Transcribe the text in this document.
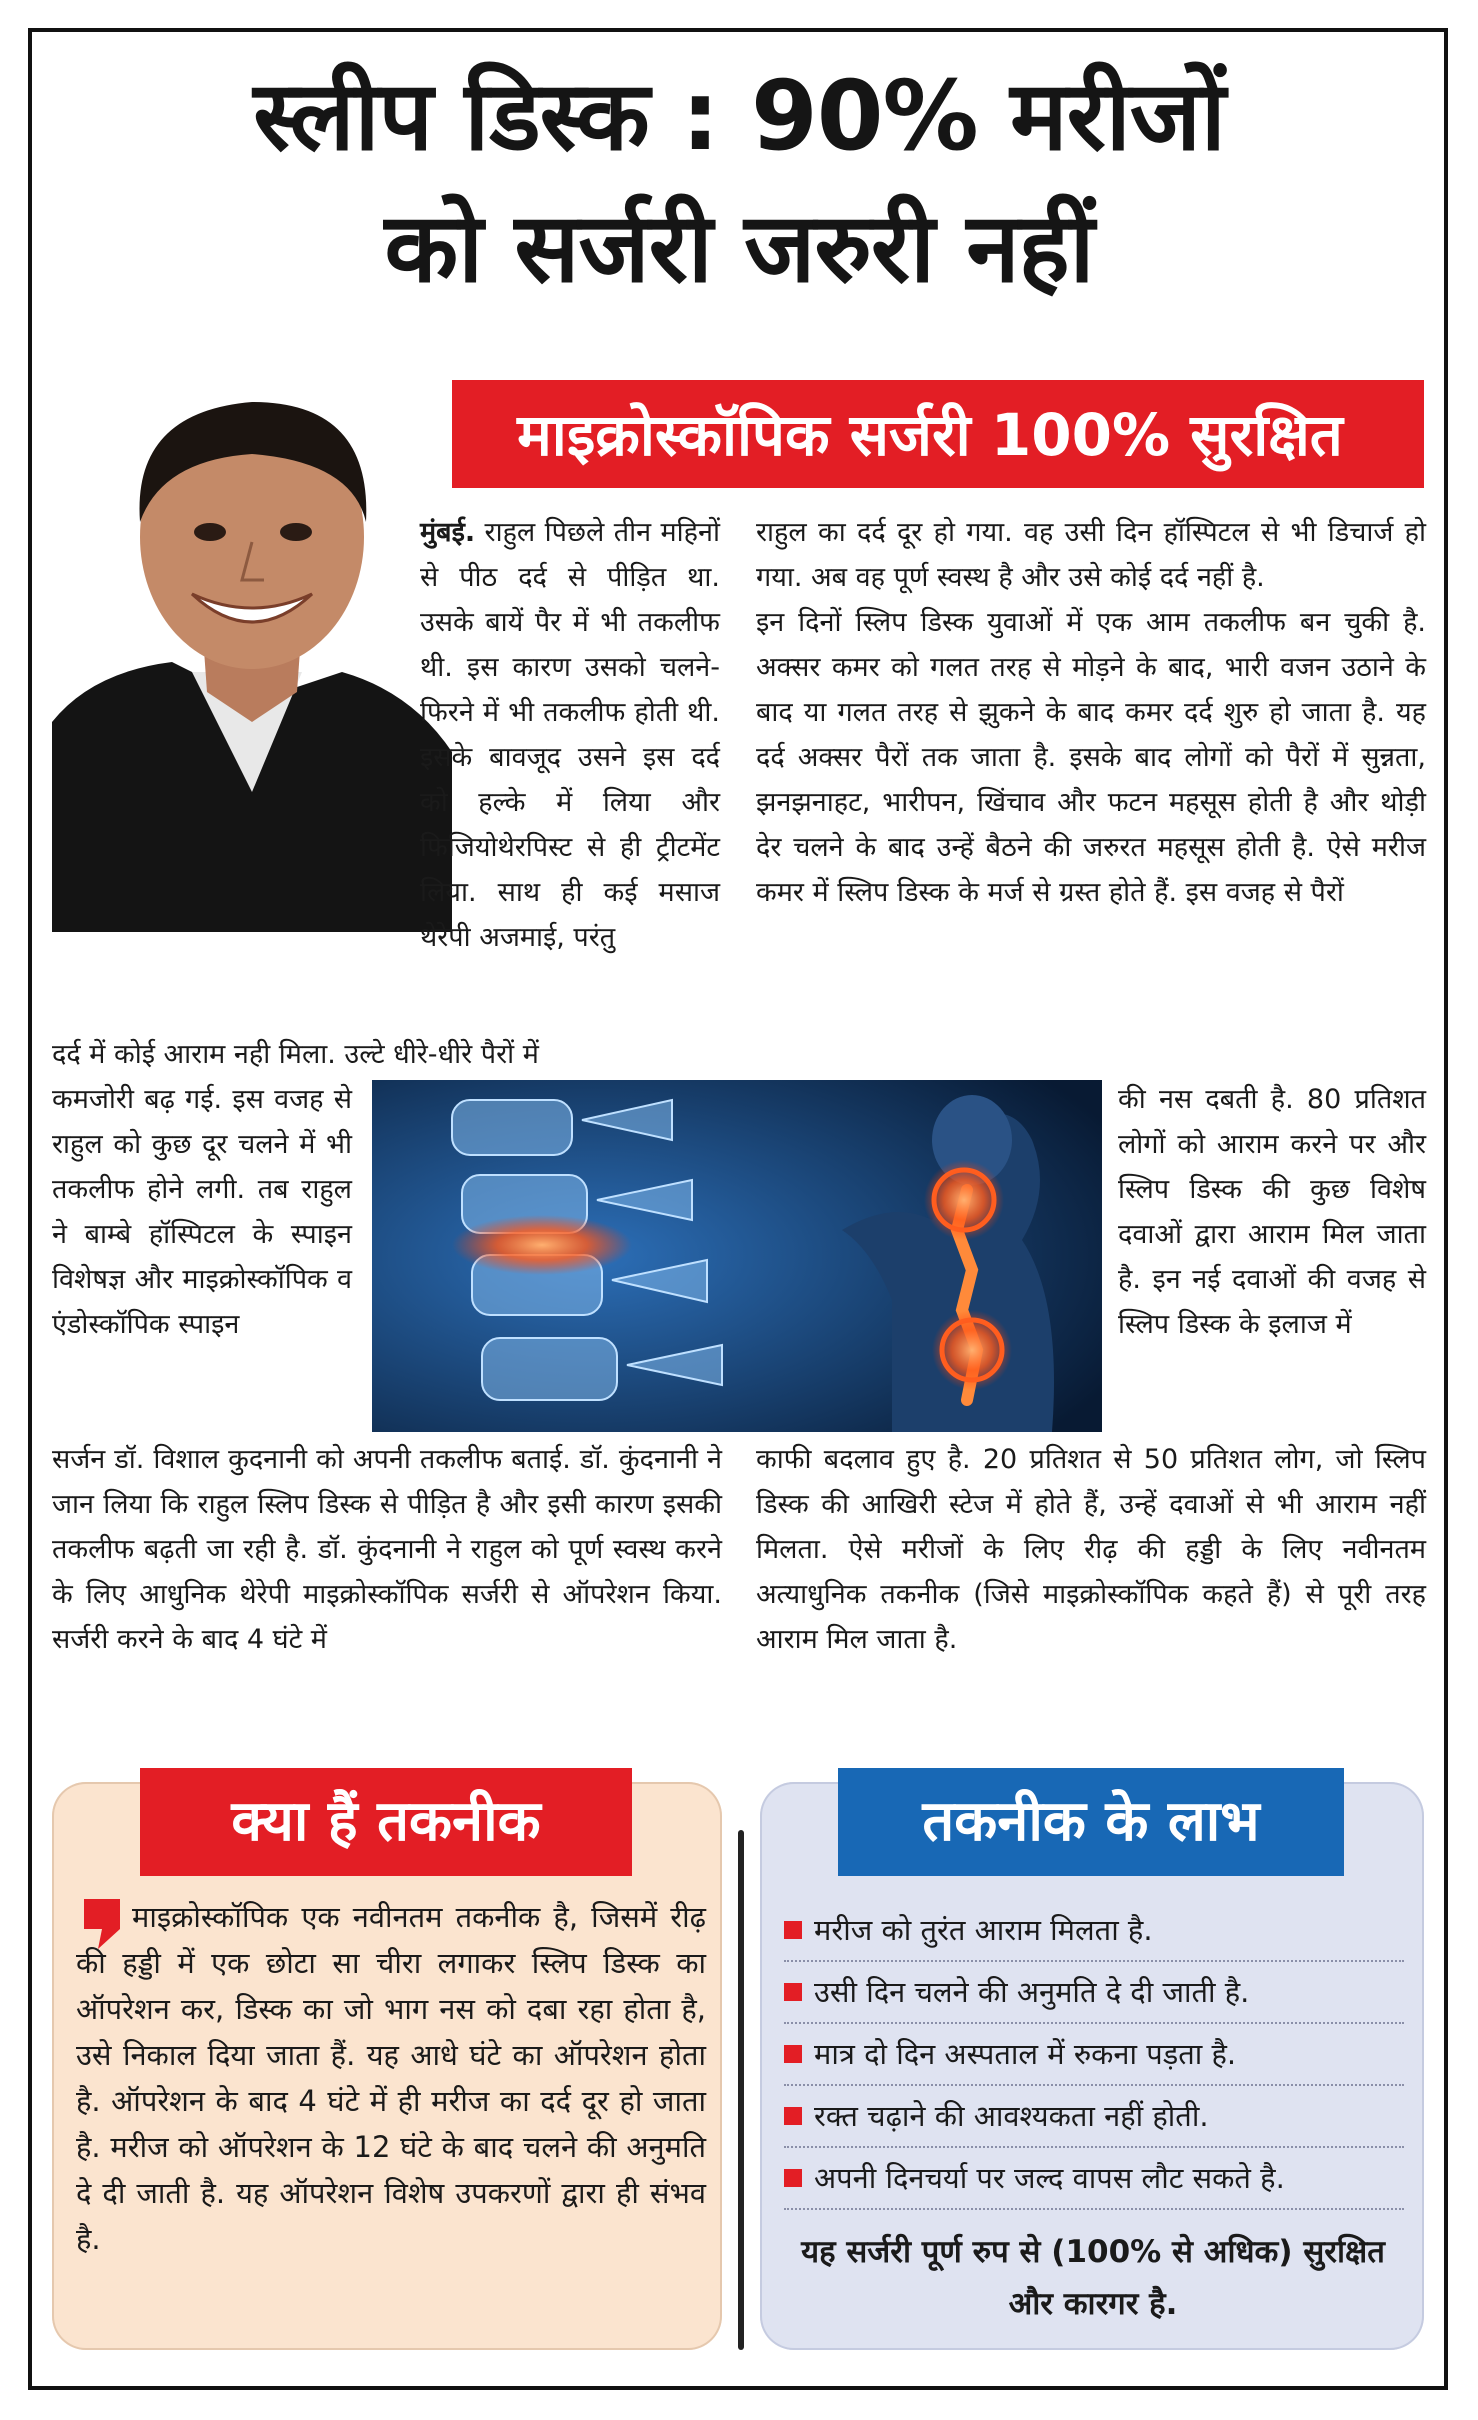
स्लीप डिस्क : 90% मरीजों
को सर्जरी जरुरी नहीं
माइक्रोस्कॉपिक सर्जरी 100% सुरक्षित

मुंबई. राहुल पिछले तीन महिनों से पीठ दर्द से पीड़ित था. उसके बायें पैर में भी तकलीफ थी. इस कारण उसको चलने-फिरने में भी तकलीफ होती थी. इसके बावजूद उसने इस दर्द को हल्के में लिया और फिजियोथेरपिस्ट से ही ट्रीटमेंट लिया. साथ ही कई मसाज थेरेपी अजमाई, परंतु

दर्द में कोई आराम नही मिला. उल्टे धीरे-धीरे पैरों में
कमजोरी बढ़ गई. इस वजह से राहुल को कुछ दूर चलने में भी तकलीफ होने लगी. तब राहुल ने बाम्बे हॉस्पिटल के स्पाइन विशेषज्ञ और माइक्रोस्कॉपिक व एंडोस्कॉपिक स्पाइन
सर्जन डॉ. विशाल कुदनानी को अपनी तकलीफ बताई. डॉ. कुंदनानी ने जान लिया कि राहुल स्लिप डिस्क से पीड़ित है और इसी कारण इसकी तकलीफ बढ़ती जा रही है. डॉ. कुंदनानी ने राहुल को पूर्ण स्वस्थ करने के लिए आधुनिक थेरेपी माइक्रोस्कॉपिक सर्जरी से ऑपरेशन किया. सर्जरी करने के बाद 4 घंटे में

राहुल का दर्द दूर हो गया. वह उसी दिन हॉस्पिटल से भी डिचार्ज हो गया. अब वह पूर्ण स्वस्थ है और उसे कोई दर्द नहीं है.

इन दिनों स्लिप डिस्क युवाओं में एक आम तकलीफ बन चुकी है. अक्सर कमर को गलत तरह से मोड़ने के बाद, भारी वजन उठाने के बाद या गलत तरह से झुकने के बाद कमर दर्द शुरु हो जाता है. यह दर्द अक्सर पैरों तक जाता है. इसके बाद लोगों को पैरों में सुन्नता, झनझनाहट, भारीपन, खिंचाव और फटन महसूस होती है और थोड़ी देर चलने के बाद उन्हें बैठने की जरुरत महसूस होती है. ऐसे मरीज कमर में स्लिप डिस्क के मर्ज से ग्रस्त होते हैं. इस वजह से पैरों

की नस दबती है. 80 प्रतिशत लोगों को आराम करने पर और स्लिप डिस्क की कुछ विशेष दवाओं द्वारा आराम मिल जाता है. इन नई दवाओं की वजह से स्लिप डिस्क के इलाज में
काफी बदलाव हुए है. 20 प्रतिशत से 50 प्रतिशत लोग, जो स्लिप डिस्क की आखिरी स्टेज में होते हैं, उन्हें दवाओं से भी आराम नहीं मिलता. ऐसे मरीजों के लिए रीढ़ की हड्डी के लिए नवीनतम अत्याधुनिक तकनीक (जिसे माइक्रोस्कॉपिक कहते हैं) से पूरी तरह आराम मिल जाता है.
क्या हैं तकनीक
माइक्रोस्कॉपिक एक नवीनतम तकनीक है, जिसमें रीढ़ की हड्डी में एक छोटा सा चीरा लगाकर स्लिप डिस्क का ऑपरेशन कर, डिस्क का जो भाग नस को दबा रहा होता है, उसे निकाल दिया जाता हैं. यह आधे घंटे का ऑपरेशन होता है. ऑपरेशन के बाद 4 घंटे में ही मरीज का दर्द दूर हो जाता है. मरीज को ऑपरेशन के 12 घंटे के बाद चलने की अनुमति दे दी जाती है. यह ऑपरेशन विशेष उपकरणों द्वारा ही संभव है.
तकनीक के लाभ
मरीज को तुरंत आराम मिलता है.
उसी दिन चलने की अनुमति दे दी जाती है.
मात्र दो दिन अस्पताल में रुकना पड़ता है.
रक्त चढ़ाने की आवश्यकता नहीं होती.
अपनी दिनचर्या पर जल्द वापस लौट सकते है.
यह सर्जरी पूर्ण रुप से (100% से अधिक) सुरक्षित और कारगर है.
